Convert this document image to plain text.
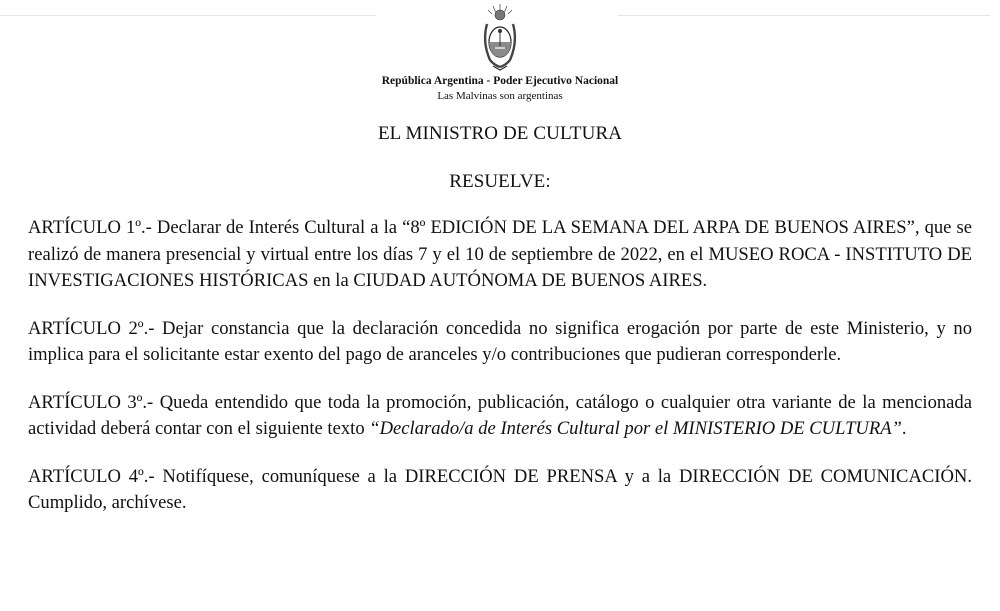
República Argentina - Poder Ejecutivo Nacional
Las Malvinas son argentinas
EL MINISTRO DE CULTURA
RESUELVE:

ARTÍCULO 1º.- Declarar de Interés Cultural a la “8º EDICIÓN DE LA SEMANA DEL ARPA DE BUENOS AIRES”, que se realizó de manera presencial y virtual entre los días 7 y el 10 de septiembre de 2022, en el MUSEO ROCA - INSTITUTO DE INVESTIGACIONES HISTÓRICAS en la CIUDAD AUTÓNOMA DE BUENOS AIRES.

ARTÍCULO 2º.- Dejar constancia que la declaración concedida no significa erogación por parte de este Ministerio, y no implica para el solicitante estar exento del pago de aranceles y/o contribuciones que pudieran corresponderle.

ARTÍCULO 3º.- Queda entendido que toda la promoción, publicación, catálogo o cualquier otra variante de la mencionada actividad deberá contar con el siguiente texto “Declarado/a de Interés Cultural por el MINISTERIO DE CULTURA”.

ARTÍCULO 4º.- Notifíquese, comuníquese a la DIRECCIÓN DE PRENSA y a la DIRECCIÓN DE COMUNICACIÓN. Cumplido, archívese.
